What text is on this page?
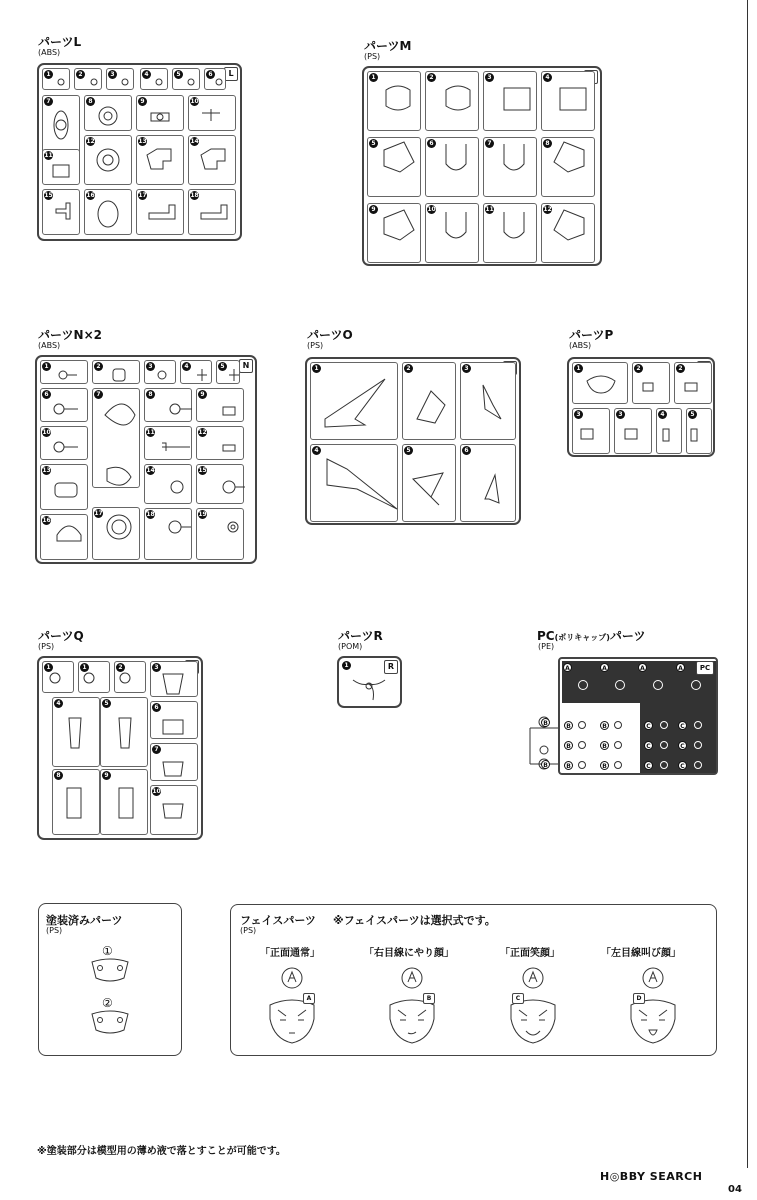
パーツL
(ABS)
L
1	2	3	4	5	6
7	8	9	10
11
12	13	14
15	16	17	18
パーツM
(PS)
1	2	3	4
5	6	7	8
9	10	11	12
パーツN×2
(ABS)
N
1	2	3	4	5
6	7	8	9
10	11	12
13	14	15
16
17	18	19
パーツO
(PS)
1	2	3
4	5	6
パーツP
(ABS)
1	2	2
3	3	4	5
パーツQ
(PS)
1	1	2	3
4	5
6
7
8	9
10
パーツR
(POM)
R
1
PC(ポリキャップ)パーツ
(PE)
PC
A	A	A	A
B	B	C	C
B	B	C	C
B	B	C	C
B
B
塗装済みパーツ
(PS)
①
②
フェイスパーツ ※フェイスパーツは選択式です。
(PS)
「正面通常」	「右目線にやり顔」	「正面笑顔」	「左目線叫び顔」
A	B	C	D
※塗装部分は模型用の薄め液で落とすことが可能です。
H◎BBY SEARCH
04
